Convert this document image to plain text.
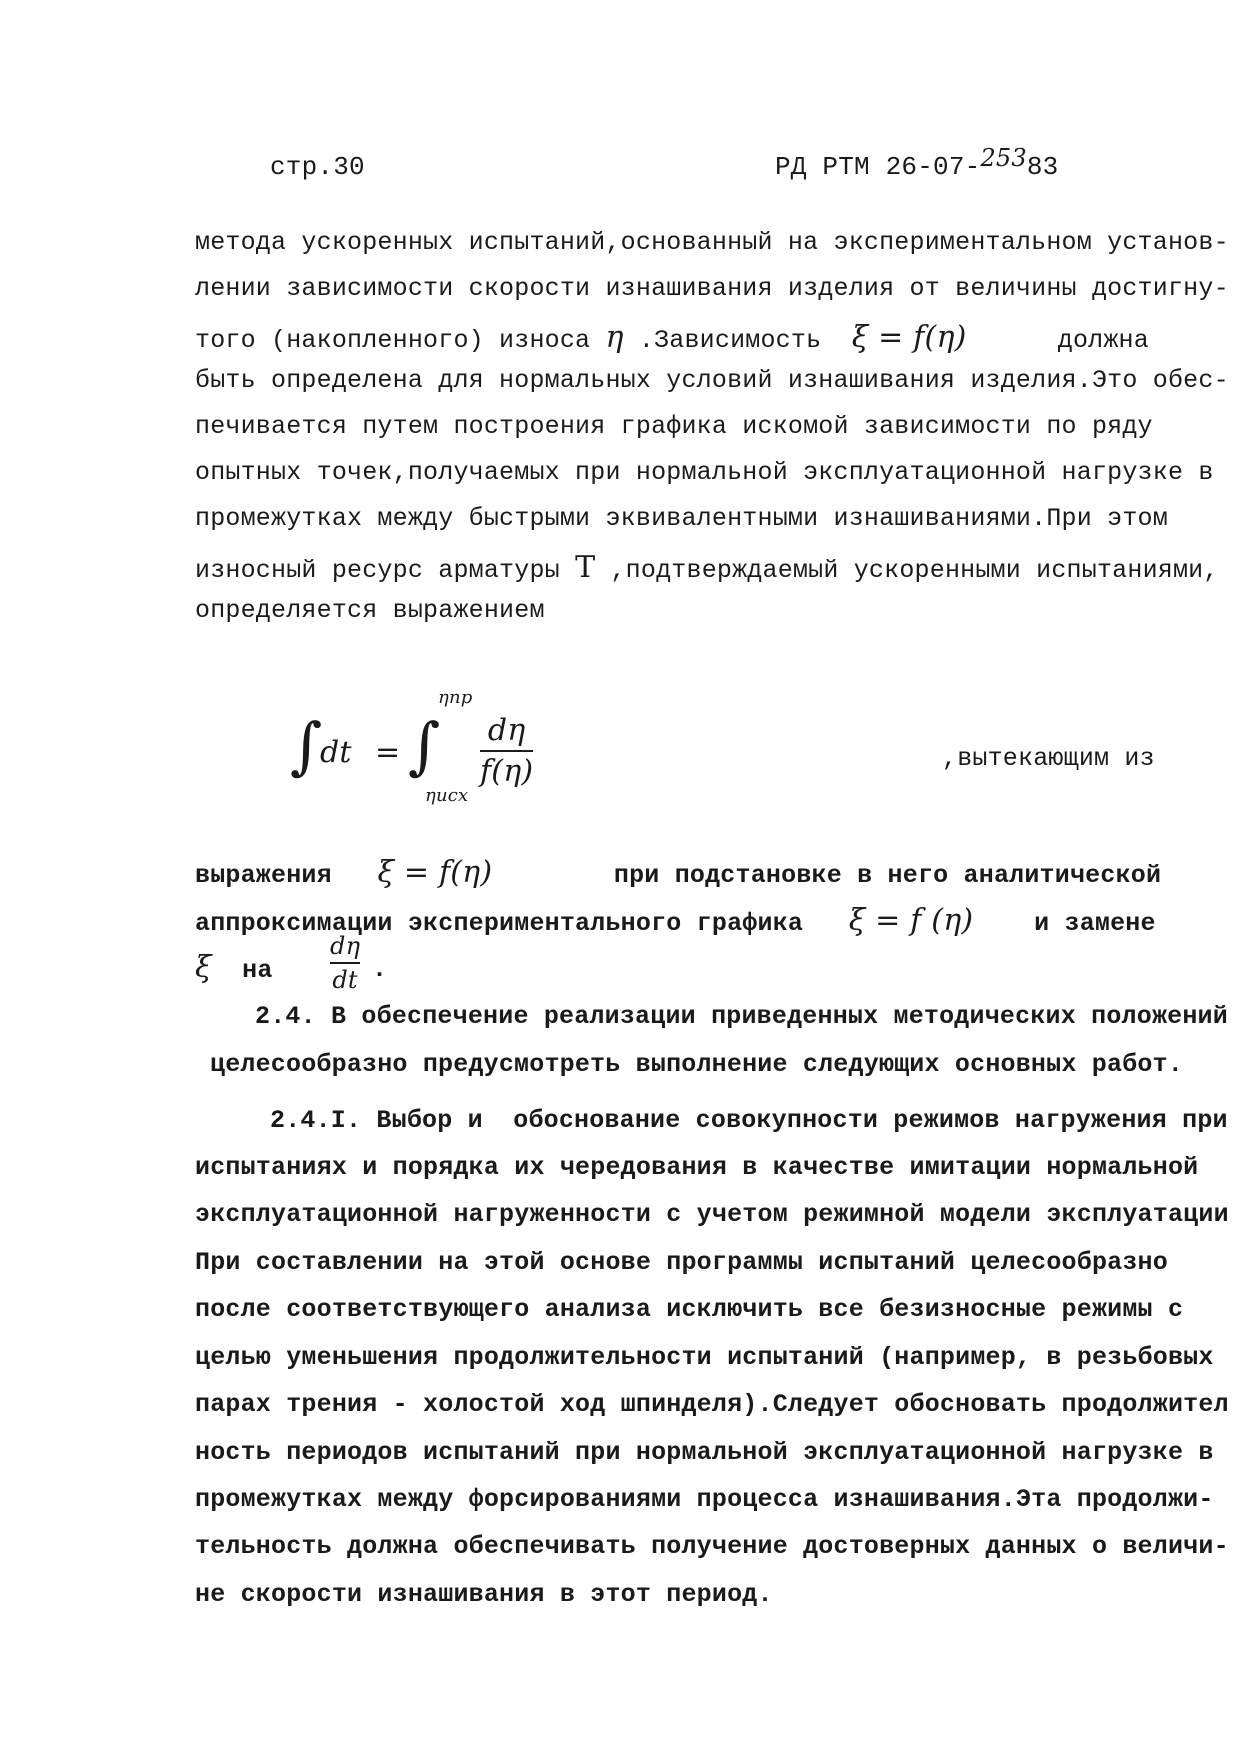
стр.30	РД РТМ 26-07-25383
метода ускоренных испытаний,основанный на экспериментальном установ-
лении зависимости скорости изнашивания изделия от величины достигну-
того (накопленного) износа η .Зависимость ξ = f(η)	должна
быть определена для нормальных условий изнашивания изделия.Это обес-
печивается путем построения графика искомой зависимости по ряду
опытных точек,получаемых при нормальной эксплуатационной нагрузке в
промежутках между быстрыми эквивалентными изнашиваниями.При этом
износный ресурс арматуры T ,подтверждаемый ускоренными испытаниями,
определяется выражением
∫
dt = ∫
ηпр
ηисх
dη
f(η)	,вытекающим из
выражения ξ = f(η)	при подстановке в него аналитической
аппроксимации экспериментального графика ξ = f (η) и замене
ξ на
dη
dt .
2.4. В обеспечение реализации приведенных методических положений
целесообразно предусмотреть выполнение следующих основных работ.
2.4.I. Выбор и  обоснование совокупности режимов нагружения при
испытаниях и порядка их чередования в качестве имитации нормальной
эксплуатационной нагруженности с учетом режимной модели эксплуатации
При составлении на этой основе программы испытаний целесообразно
после соответствующего анализа исключить все безизносные режимы с
целью уменьшения продолжительности испытаний (например, в резьбовых
парах трения - холостой ход шпинделя).Следует обосновать продолжител
ность периодов испытаний при нормальной эксплуатационной нагрузке в
промежутках между форсированиями процесса изнашивания.Эта продолжи-
тельность должна обеспечивать получение достоверных данных о величи-
не скорости изнашивания в этот период.
